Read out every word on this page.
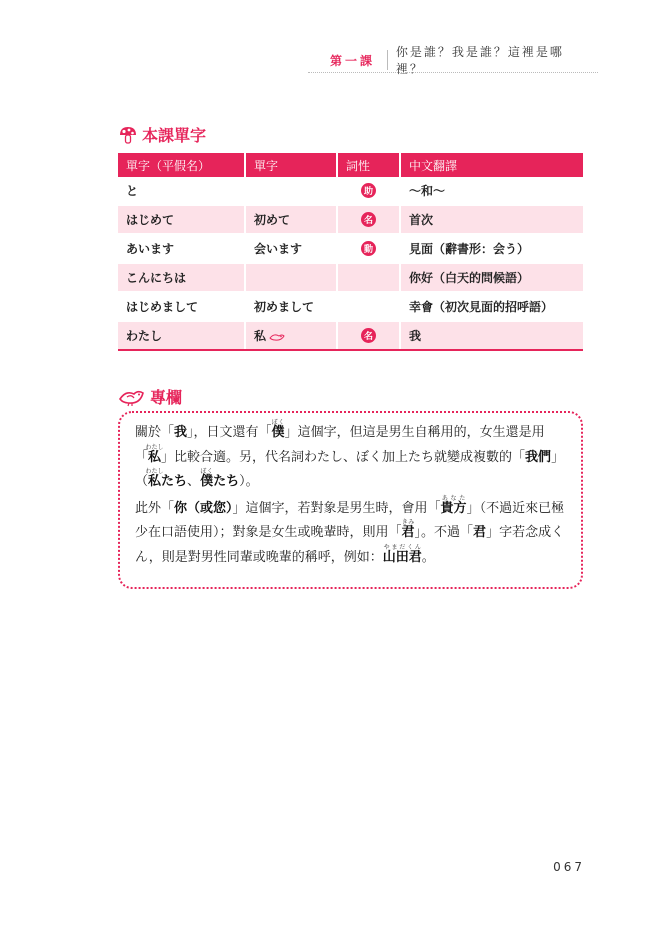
第一課
你是誰？我是誰？這裡是哪裡？
本課單字
單字（平假名）	單字	詞性	中文翻譯
と		助	～和～
はじめて	初めて	名	首次
あいます	会います	動	見面（辭書形：会う）
こんにちは			你好（白天的問候語）
はじめまして	初めまして		幸會（初次見面的招呼語）
わたし	私	名	我
專欄

關於「我」，日文還有「僕ぼく」這個字，但這是男生自稱用的，女生還是用「私わたし」比較合適。另，代名詞わたし、ぼく加上たち就變成複數的「我們」（私わたしたち、僕ぼくたち）。

此外「你（或您）」這個字，若對象是男生時，會用「貴方あなた」（不過近來已極少在口語使用）；對象是女生或晚輩時，則用「君きみ」。不過「君」字若念成くん，則是對男性同輩或晚輩的稱呼，例如：山田君やまだくん。

067
